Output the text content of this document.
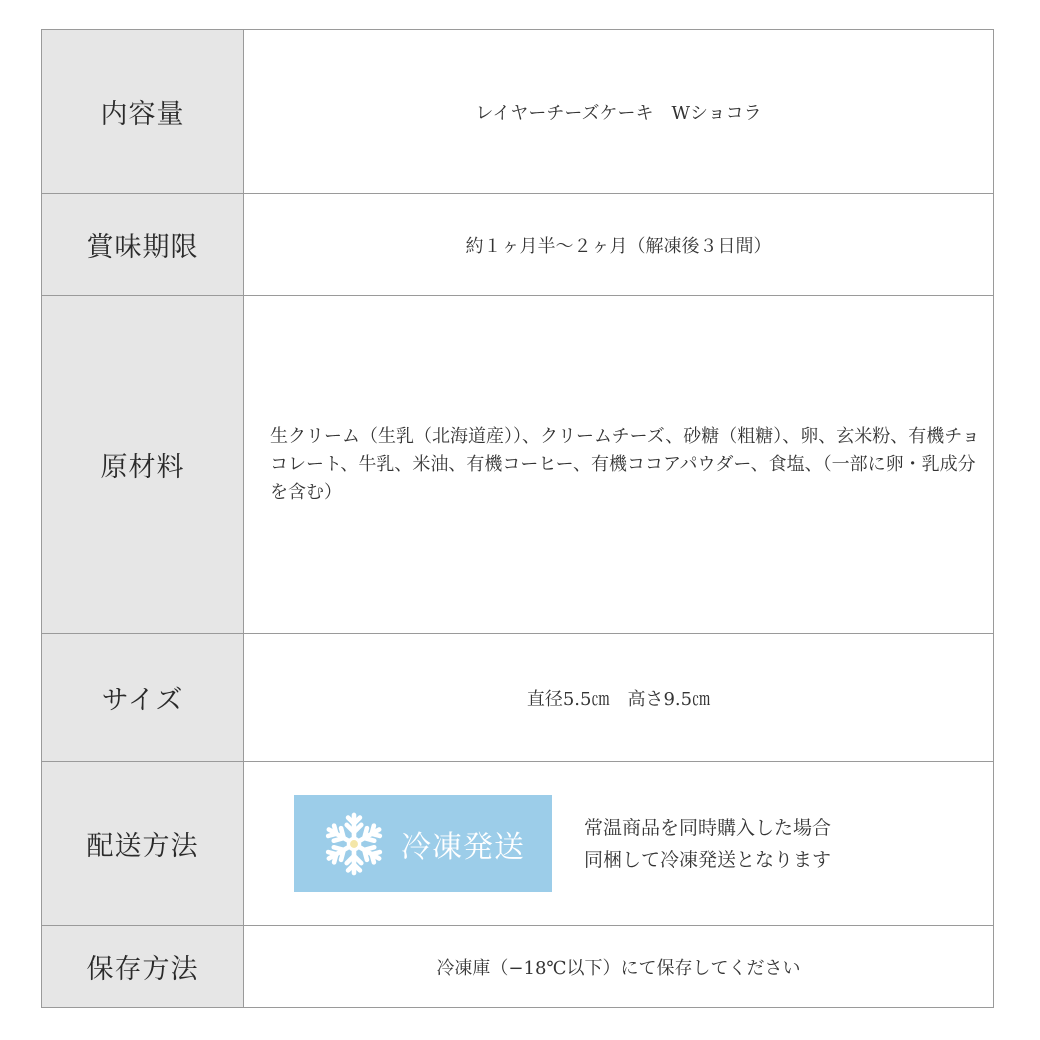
内容量	レイヤーチーズケーキ　Wショコラ
賞味期限	約１ヶ月半〜２ヶ月（解凍後３日間）
原材料	生クリーム（生乳（北海道産））、クリームチーズ、砂糖（粗糖）、卵、玄米粉、有機チョコレート、牛乳、米油、有機コーヒー、有機ココアパウダー、食塩、（一部に卵・乳成分を含む）
サイズ	直径5.5㎝　高さ9.5㎝
配送方法	冷凍発送
常温商品を同時購入した場合
同梱して冷凍発送となります

保存方法	冷凍庫（−18℃以下）にて保存してください
